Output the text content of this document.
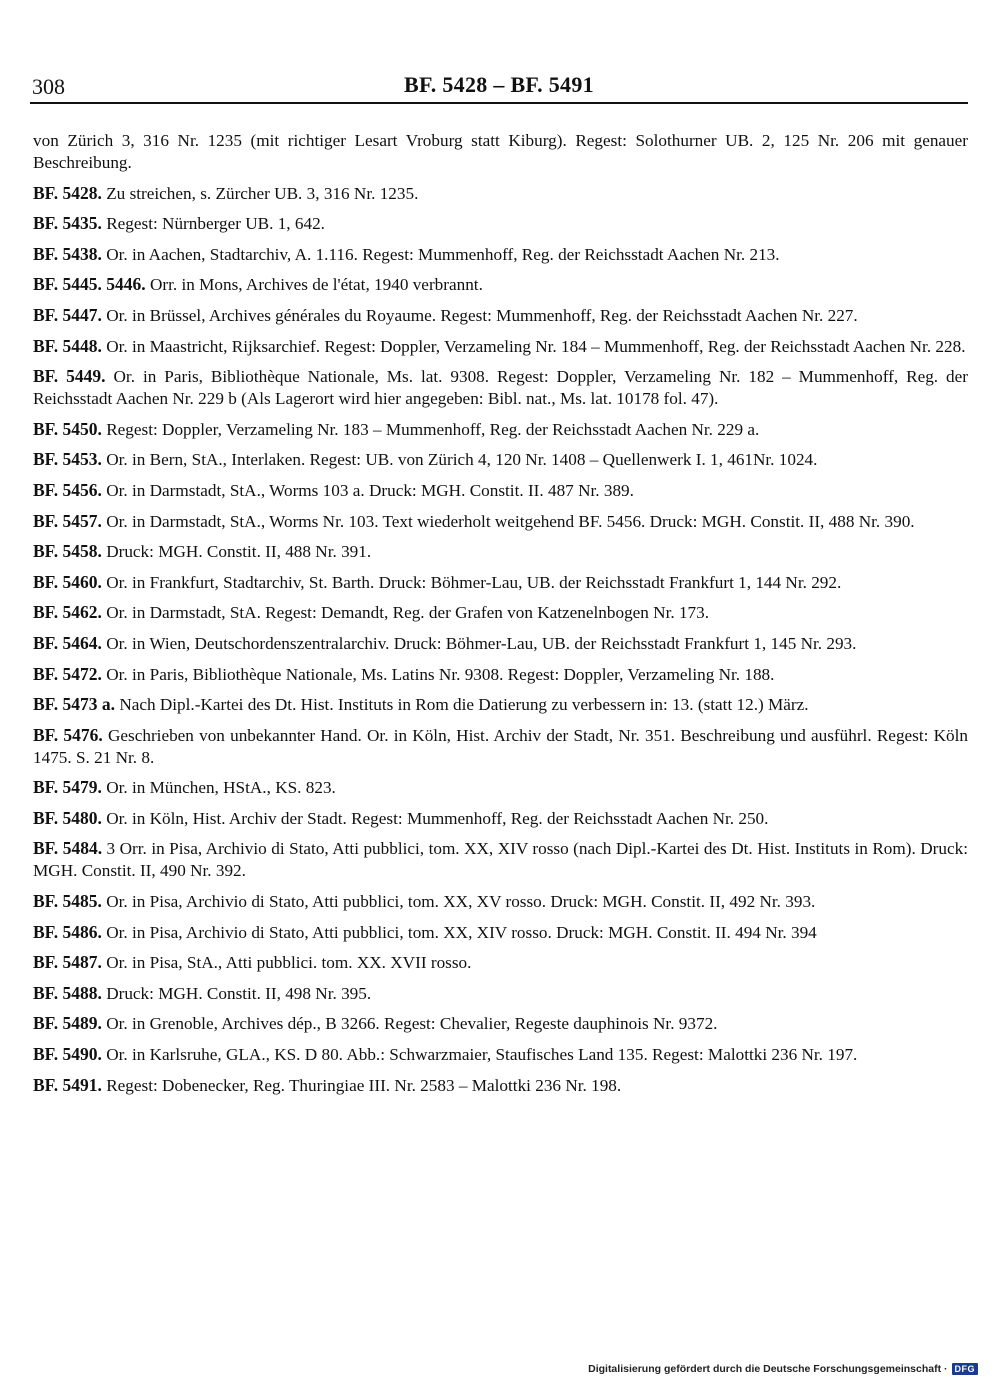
308	BF. 5428 – BF. 5491

von Zürich 3, 316 Nr. 1235 (mit richtiger Lesart Vroburg statt Kiburg). Regest: Solothurner UB. 2, 125 Nr. 206 mit genauer Beschreibung.

BF. 5428. Zu streichen, s. Zürcher UB. 3, 316 Nr. 1235.

BF. 5435. Regest: Nürnberger UB. 1, 642.

BF. 5438. Or. in Aachen, Stadtarchiv, A. 1.116. Regest: Mummenhoff, Reg. der Reichsstadt Aachen Nr. 213.

BF. 5445. 5446. Orr. in Mons, Archives de l'état, 1940 verbrannt.

BF. 5447. Or. in Brüssel, Archives générales du Royaume. Regest: Mummenhoff, Reg. der Reichsstadt Aachen Nr. 227.

BF. 5448. Or. in Maastricht, Rijksarchief. Regest: Doppler, Verzameling Nr. 184 – Mummenhoff, Reg. der Reichsstadt Aachen Nr. 228.

BF. 5449. Or. in Paris, Bibliothèque Nationale, Ms. lat. 9308. Regest: Doppler, Verzameling Nr. 182 – Mummenhoff, Reg. der Reichsstadt Aachen Nr. 229 b (Als Lagerort wird hier angegeben: Bibl. nat., Ms. lat. 10178 fol. 47).

BF. 5450. Regest: Doppler, Verzameling Nr. 183 – Mummenhoff, Reg. der Reichsstadt Aachen Nr. 229 a.

BF. 5453. Or. in Bern, StA., Interlaken. Regest: UB. von Zürich 4, 120 Nr. 1408 – Quellenwerk I. 1, 461Nr. 1024.

BF. 5456. Or. in Darmstadt, StA., Worms 103 a. Druck: MGH. Constit. II. 487 Nr. 389.

BF. 5457. Or. in Darmstadt, StA., Worms Nr. 103. Text wiederholt weitgehend BF. 5456. Druck: MGH. Constit. II, 488 Nr. 390.

BF. 5458. Druck: MGH. Constit. II, 488 Nr. 391.

BF. 5460. Or. in Frankfurt, Stadtarchiv, St. Barth. Druck: Böhmer-Lau, UB. der Reichsstadt Frankfurt 1, 144 Nr. 292.

BF. 5462. Or. in Darmstadt, StA. Regest: Demandt, Reg. der Grafen von Katzenelnbogen Nr. 173.

BF. 5464. Or. in Wien, Deutschordenszentralarchiv. Druck: Böhmer-Lau, UB. der Reichsstadt Frankfurt 1, 145 Nr. 293.

BF. 5472. Or. in Paris, Bibliothèque Nationale, Ms. Latins Nr. 9308. Regest: Doppler, Verzameling Nr. 188.

BF. 5473 a. Nach Dipl.-Kartei des Dt. Hist. Instituts in Rom die Datierung zu verbessern in: 13. (statt 12.) März.

BF. 5476. Geschrieben von unbekannter Hand. Or. in Köln, Hist. Archiv der Stadt, Nr. 351. Beschreibung und ausführl. Regest: Köln 1475. S. 21 Nr. 8.

BF. 5479. Or. in München, HStA., KS. 823.

BF. 5480. Or. in Köln, Hist. Archiv der Stadt. Regest: Mummenhoff, Reg. der Reichsstadt Aachen Nr. 250.

BF. 5484. 3 Orr. in Pisa, Archivio di Stato, Atti pubblici, tom. XX, XIV rosso (nach Dipl.-Kartei des Dt. Hist. Instituts in Rom). Druck: MGH. Constit. II, 490 Nr. 392.

BF. 5485. Or. in Pisa, Archivio di Stato, Atti pubblici, tom. XX, XV rosso. Druck: MGH. Constit. II, 492 Nr. 393.

BF. 5486. Or. in Pisa, Archivio di Stato, Atti pubblici, tom. XX, XIV rosso. Druck: MGH. Constit. II. 494 Nr. 394

BF. 5487. Or. in Pisa, StA., Atti pubblici. tom. XX. XVII rosso.

BF. 5488. Druck: MGH. Constit. II, 498 Nr. 395.

BF. 5489. Or. in Grenoble, Archives dép., B 3266. Regest: Chevalier, Regeste dauphinois Nr. 9372.

BF. 5490. Or. in Karlsruhe, GLA., KS. D 80. Abb.: Schwarzmaier, Staufisches Land 135. Regest: Malottki 236 Nr. 197.

BF. 5491. Regest: Dobenecker, Reg. Thuringiae III. Nr. 2583 – Malottki 236 Nr. 198.

Digitalisierung gefördert durch die Deutsche Forschungsgemeinschaft · DFG
